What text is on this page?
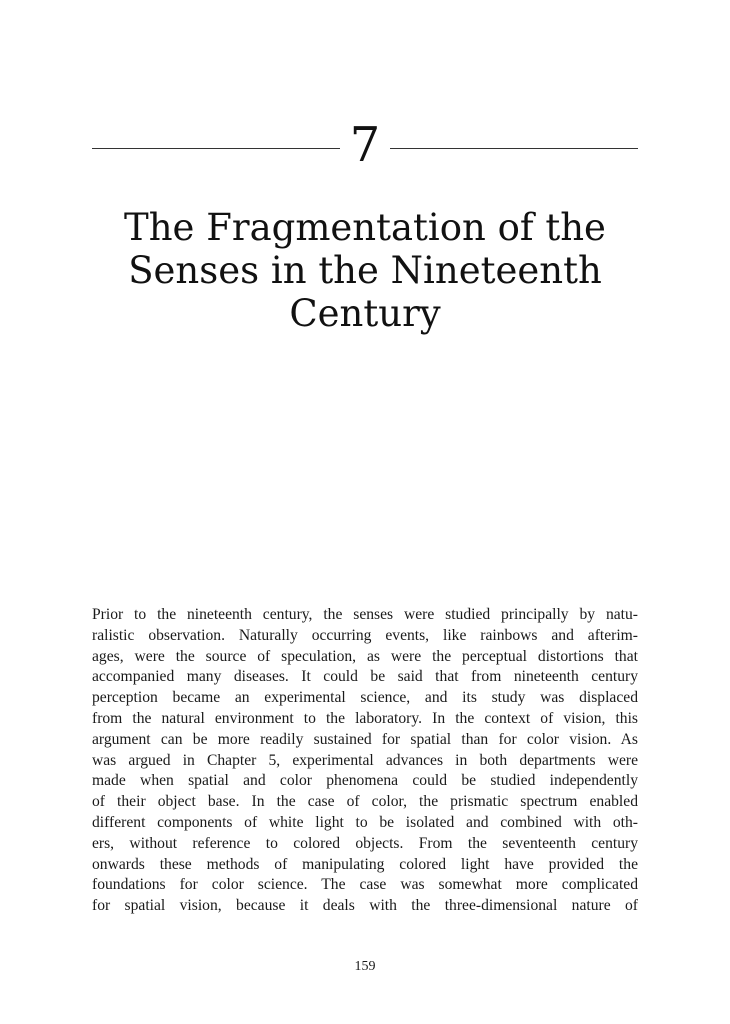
7
The Fragmentation of the
Senses in the Nineteenth
Century

Prior to the nineteenth century, the senses were studied principally by natu-
ralistic observation. Naturally occurring events, like rainbows and afterim-
ages, were the source of speculation, as were the perceptual distortions that
accompanied many diseases. It could be said that from nineteenth century
perception became an experimental science, and its study was displaced
from the natural environment to the laboratory. In the context of vision, this
argument can be more readily sustained for spatial than for color vision. As
was argued in Chapter 5, experimental advances in both departments were
made when spatial and color phenomena could be studied independently
of their object base. In the case of color, the prismatic spectrum enabled
different components of white light to be isolated and combined with oth-
ers, without reference to colored objects. From the seventeenth century
onwards these methods of manipulating colored light have provided the
foundations for color science. The case was somewhat more complicated
for spatial vision, because it deals with the three-dimensional nature of

159
